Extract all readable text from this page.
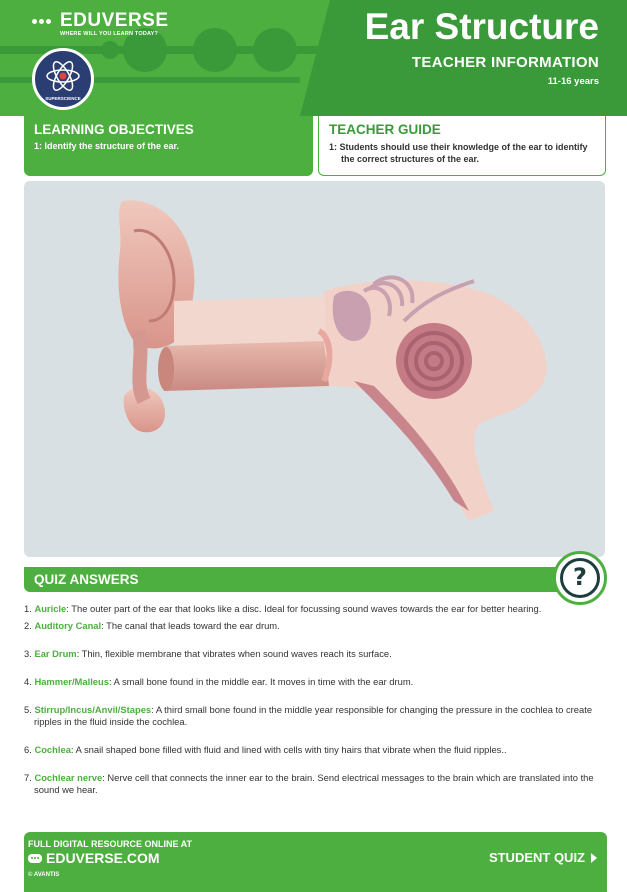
EDUVERSE
WHERE WILL YOU LEARN TODAY?
SUPERSCIENCE
Ear Structure
TEACHER INFORMATION
11-16 years
LEARNING OBJECTIVES
1: Identify the structure of the ear.
TEACHER GUIDE
1: Students should use their knowledge of the ear to identify the correct structures of the ear.
QUIZ ANSWERS	?
1. Auricle: The outer part of the ear that looks like a disc. Ideal for focussing sound waves towards the ear for better hearing.
2. Auditory Canal: The canal that leads toward the ear drum.
3. Ear Drum: Thin, flexible membrane that vibrates when sound waves reach its surface.
4. Hammer/Malleus: A small bone found in the middle ear. It moves in time with the ear drum.
5. Stirrup/Incus/Anvil/Stapes: A third small bone found in the middle year responsible for changing the pressure in the cochlea to create ripples in the fluid inside the cochlea.
6. Cochlea: A snail shaped bone filled with fluid and lined with cells with tiny hairs that vibrate when the fluid ripples..
7. Cochlear nerve: Nerve cell that connects the inner ear to the brain. Send electrical messages to the brain which are translated into the sound we hear.
FULL DIGITAL RESOURCE ONLINE AT
EDUVERSE.COM
© AVANTIS
STUDENT QUIZ
